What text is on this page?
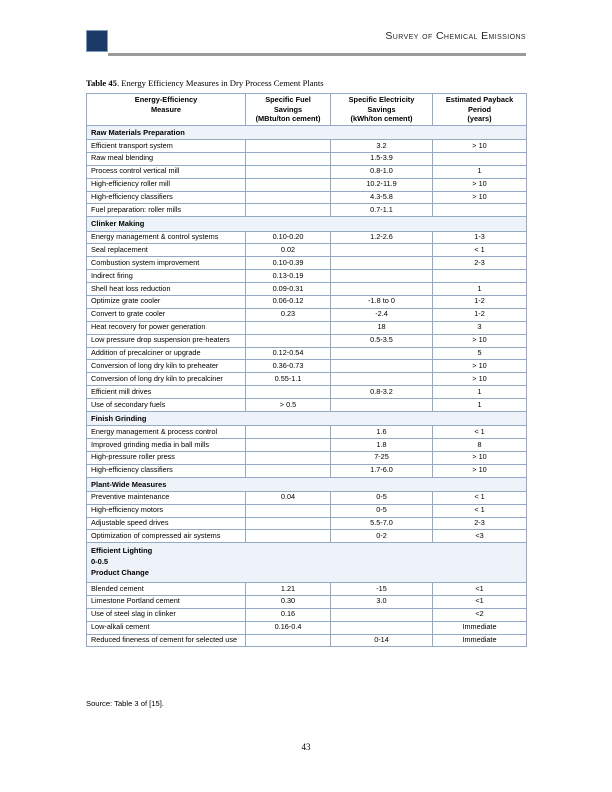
Survey of Chemical Emissions
Table 45. Energy Efficiency Measures in Dry Process Cement Plants
Energy-Efficiency
Measure

Specific Fuel
Savings
(MBtu/ton cement)

Specific Electricity
Savings
(kWh/ton cement)

Estimated Payback
Period
(years)

Raw Materials Preparation			
Efficient transport system		3.2	> 10
Raw meal blending		1.5-3.9	
Process control vertical mill		0.8-1.0	1
High-efficiency roller mill		10.2-11.9	> 10
High-efficiency classifiers		4.3-5.8	> 10
Fuel preparation: roller mills		0.7-1.1	
Clinker Making			
Energy management & control systems	0.10-0.20	1.2-2.6	1-3
Seal replacement	0.02		< 1
Combustion system improvement	0.10-0.39		2-3
Indirect firing	0.13-0.19		
Shell heat loss reduction	0.09-0.31		1
Optimize grate cooler	0.06-0.12	-1.8 to 0	1-2
Convert to grate cooler	0.23	-2.4	1-2
Heat recovery for power generation		18	3
Low pressure drop suspension pre-heaters		0.5-3.5	> 10
Addition of precalciner or upgrade	0.12-0.54		5
Conversion of long dry kiln to preheater	0.36-0.73		> 10
Conversion of long dry kiln to precalciner	0.55-1.1		> 10
Efficient mill drives		0.8-3.2	1
Use of secondary fuels	> 0.5		1
Finish Grinding			
Energy management & process control		1.6	< 1
Improved grinding media in ball mills		1.8	8
High-pressure roller press		7-25	> 10
High-efficiency classifiers		1.7-6.0	> 10
Plant-Wide Measures			
Preventive maintenance	0.04	0-5	< 1
High-efficiency motors		0-5	< 1
Adjustable speed drives		5.5-7.0	2-3
Optimization of compressed air systems		0-2	<3

Efficient Lighting
0-0.5
Product Change			

Blended cement	1.21	-15	<1
Limestone Portland cement	0.30	3.0	<1
Use of steel slag in clinker	0.16		<2
Low-alkali cement	0.16-0.4		Immediate
Reduced fineness of cement for selected use		0-14	Immediate
Source: Table 3 of [15].
43
